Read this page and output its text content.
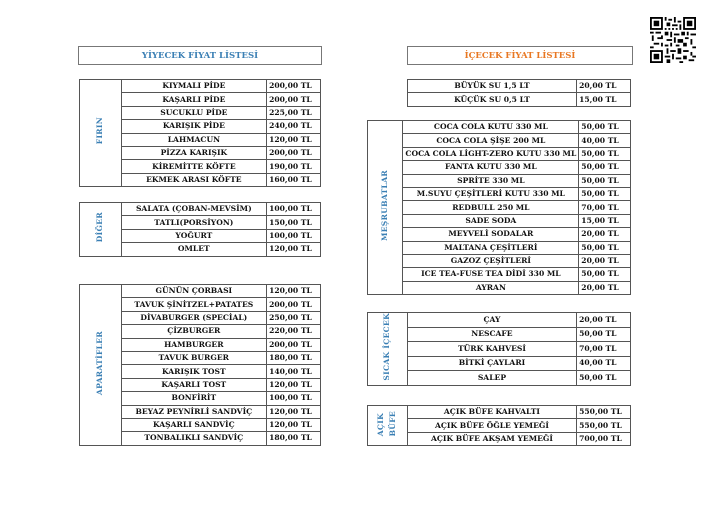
YİYECEK FİYAT LİSTESİ	İÇECEK FİYAT LİSTESİ
FIRIN	KIYMALI PİDE	200,00 TL
	KAŞARLI PİDE	200,00 TL
	SUCUKLU PİDE	225,00 TL
	KARIŞIK PİDE	240,00 TL
	LAHMACUN	120,00 TL
	PİZZA KARIŞIK	200,00 TL
	KİREMİTTE KÖFTE	190,00 TL
	EKMEK ARASI KÖFTE	160,00 TL
DİĞER	SALATA (ÇOBAN-MEVSİM)	100,00 TL
	TATLI(PORSİYON)	150,00 TL
	YOĞURT	100,00 TL
	OMLET	120,00 TL
APARATİFLER	GÜNÜN ÇORBASI	120,00 TL
	TAVUK ŞİNİTZEL+PATATES	200,00 TL
	DİVABURGER (SPECİAL)	250,00 TL
	ÇİZBURGER	220,00 TL
	HAMBURGER	200,00 TL
	TAVUK BURGER	180,00 TL
	KARIŞIK TOST	140,00 TL
	KAŞARLI TOST	120,00 TL
	BONFİRİT	100,00 TL
	BEYAZ PEYNİRLİ SANDVİÇ	120,00 TL
	KAŞARLI SANDVİÇ	120,00 TL
	TONBALIKLI SANDVİÇ	180,00 TL
BÜYÜK SU 1,5 LT	20,00 TL
KÜÇÜK SU 0,5 LT	15,00 TL
MEŞRUBATLAR	COCA COLA KUTU 330 ML	50,00 TL
	COCA COLA ŞİŞE 200 ML	40,00 TL
	COCA COLA LİGHT-ZERO KUTU 330 ML	50,00 TL
	FANTA KUTU 330 ML	50,00 TL
	SPRİTE 330 ML	50,00 TL
	M.SUYU ÇEŞİTLERİ KUTU 330 ML	50,00 TL
	REDBULL 250 ML	70,00 TL
	SADE SODA	15,00 TL
	MEYVELİ SODALAR	20,00 TL
	MALTANA ÇEŞİTLERİ	50,00 TL
	GAZOZ ÇEŞİTLERİ	20,00 TL
	ICE TEA-FUSE TEA DİDİ 330 ML	50,00 TL
	AYRAN	20,00 TL
SICAK İÇECEK	ÇAY	20,00 TL
	NESCAFE	50,00 TL
	TÜRK KAHVESİ	70,00 TL
	BİTKİ ÇAYLARI	40,00 TL
	SALEP	50,00 TL
AÇIK BÜFE	AÇIK BÜFE KAHVALTI	550,00 TL
	AÇIK BÜFE ÖĞLE YEMEĞİ	550,00 TL
	AÇIK BÜFE AKŞAM YEMEĞİ	700,00 TL
